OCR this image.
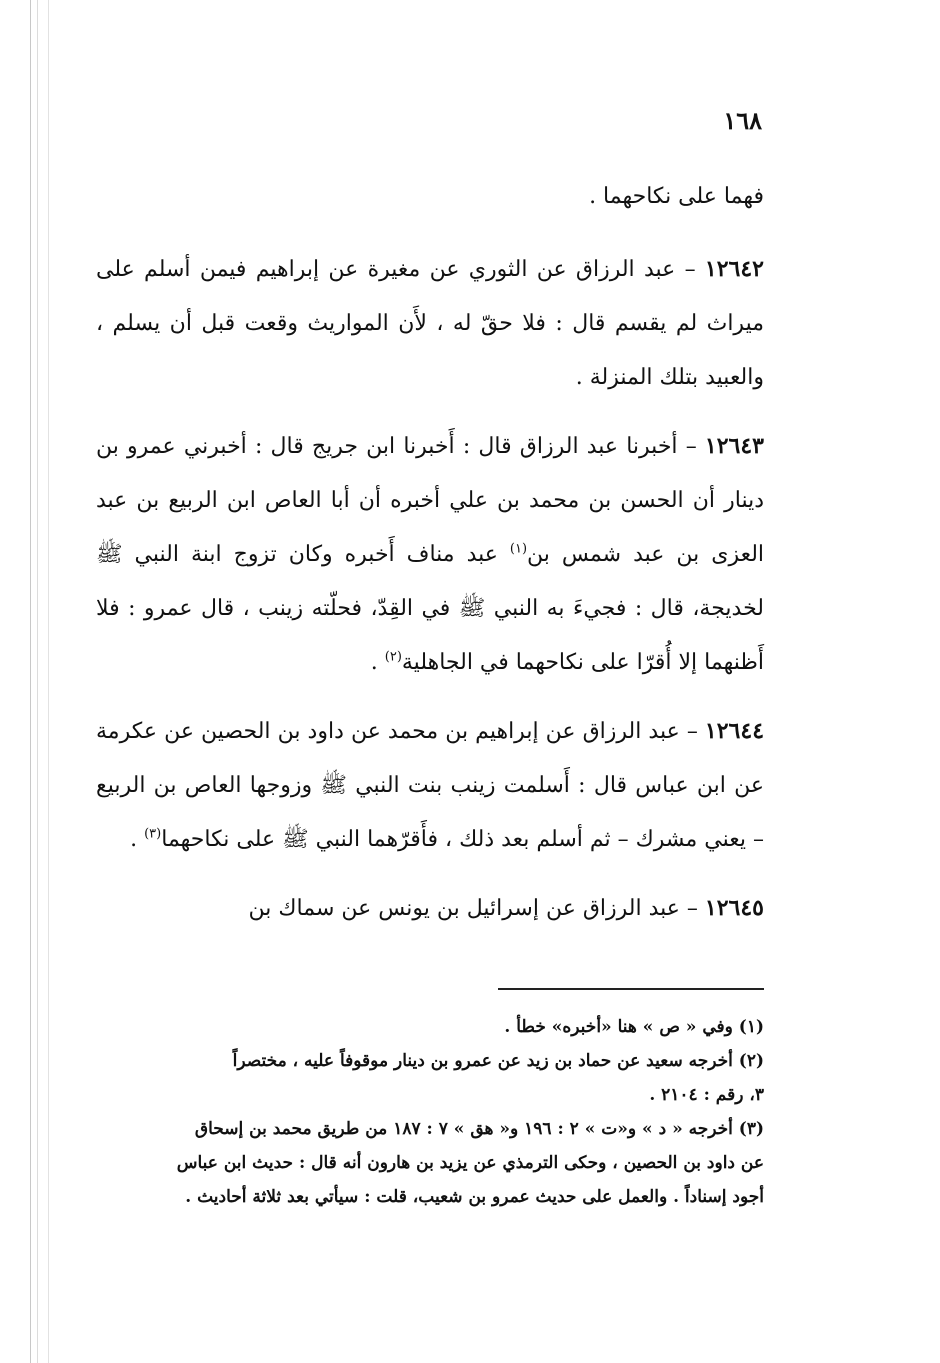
١٦٨

فهما على نكاحهما .

١٢٦٤٢ – عبد الرزاق عن الثوري عن مغيرة عن إبراهيم فيمن أسلم على ميراث لم يقسم قال : فلا حقّ له ، لأَن المواريث وقعت قبل أن يسلم ، والعبيد بتلك المنزلة .

١٢٦٤٣ – أخبرنا عبد الرزاق قال : أَخبرنا ابن جريج قال : أخبرني عمرو بن دينار أن الحسن بن محمد بن علي أخبره أن أبا العاص ابن الربيع بن عبد العزى بن عبد شمس بن$^{(١)}$ عبد مناف أَخبره وكان تزوج ابنة النبي ﷺ لخديجة، قال : فجيءَ به النبي ﷺ في القِدّ، فحلّته زينب ، قال عمرو : فلا أَظنهما إلا أُقرّا على نكاحهما في الجاهلية$^{(٢)}$ .

١٢٦٤٤ – عبد الرزاق عن إبراهيم بن محمد عن داود بن الحصين عن عكرمة عن ابن عباس قال : أَسلمت زينب بنت النبي ﷺ وزوجها العاص بن الربيع – يعني مشرك – ثم أسلم بعد ذلك ، فأَقرّهما النبي ﷺ على نكاحهما$^{(٣)}$ .

١٢٦٤٥ – عبد الرزاق عن إسرائيل بن يونس عن سماك بن

(١) وفي « ص » هنا «أخبره» خطأ .

(٢) أخرجه سعيد عن حماد بن زيد عن عمرو بن دينار موقوفاً عليه ، مختصراً

٣، رقم : ٢١٠٤ .

(٣) أخرجه « د » و«ت » ٢ : ١٩٦ و« هق » ٧ : ١٨٧ من طريق محمد بن إسحاق

عن داود بن الحصين ، وحكى الترمذي عن يزيد بن هارون أنه قال : حديث ابن عباس

أجود إسناداً . والعمل على حديث عمرو بن شعيب، قلت : سيأتي بعد ثلاثة أحاديث .
